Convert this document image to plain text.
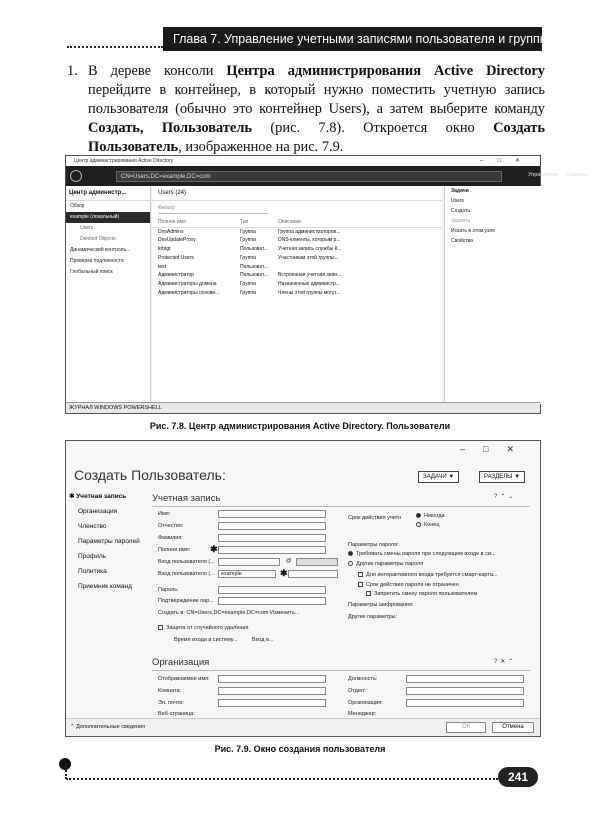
Глава 7. Управление учетными записями пользователя и группы
1. В дереве консоли Центра администрирования Active Directory перейдите в контейнер, в который нужно поместить учетную запись пользователя (обычно это контейнер Users), а затем выберите команду Создать, Пользователь (рис. 7.8). Откроется окно Создать Пользователь, изображенное на рис. 7.9.
Центр администрирования Active Directory	–□✕
CN=Users,DC=example,DC=com	Управление Справка
Центр администр...
Обзор
example (локальный)
Users
Deleted Objects
Динамический контроль...
Проверка подлинности
Глобальный поиск
Users (24)
Фильтр
Полное имя	Тип	Описание
DnsAdmins	Группа	Группа администраторов...
DnsUpdateProxy	Группа	DNS-клиенты, которым р...
krbtgt	Пользоват...	Учетная запись службы К...
Protected Users	Группа	Участникам этой группы...
test	Пользоват...
Администратор	Пользоват...	Встроенная учетная запи...
Администраторы домена	Группа	Назначенные администр...
Администраторы основн...	Группа	Члены этой группы могут...
Задачи
Users
Создать
Удалить
Искать в этом узле
Свойства
ЖУРНАЛ WINDOWS POWERSHELL
Рис. 7.8. Центр администрирования Active Directory. Пользователи
–□✕
Создать Пользователь:	ЗАДАЧИ ▼	РАЗДЕЛЫ ▼
✱ Учетная запись
Организация
Членство
Параметры паролей
Профиль
Политика
Приемник команд
Учетная запись	?⌃⌄
Имя:
Отчество:
Фамилия:
Полное имя: ✱
Вход пользователя (...	@
Вход пользователя (...	example	✱
Пароль:
Подтверждение пар...
Создать в: CN=Users,DC=example,DC=com Изменить...
Защита от случайного удаления
Время входа в систему...	Вход в...
Срок действия учетн	Никогда
Конец
Параметры пароля:
Требовать смены пароля при следующем входе в си...
Другие параметры пароля
Для интерактивного входа требуется смарт-карта...
Срок действия пароля не ограничен
Запретить смену пароля пользователем
Параметры шифрования:
Другие параметры:
Организация	?✕⌃
Отображаемое имя:
Комната:
Эл. почта:
Веб-страница:
Должность:
Отдел:
Организация:
Менеджер:
⌃ Дополнительные сведения	ОК	Отмена
Рис. 7.9. Окно создания пользователя
241
